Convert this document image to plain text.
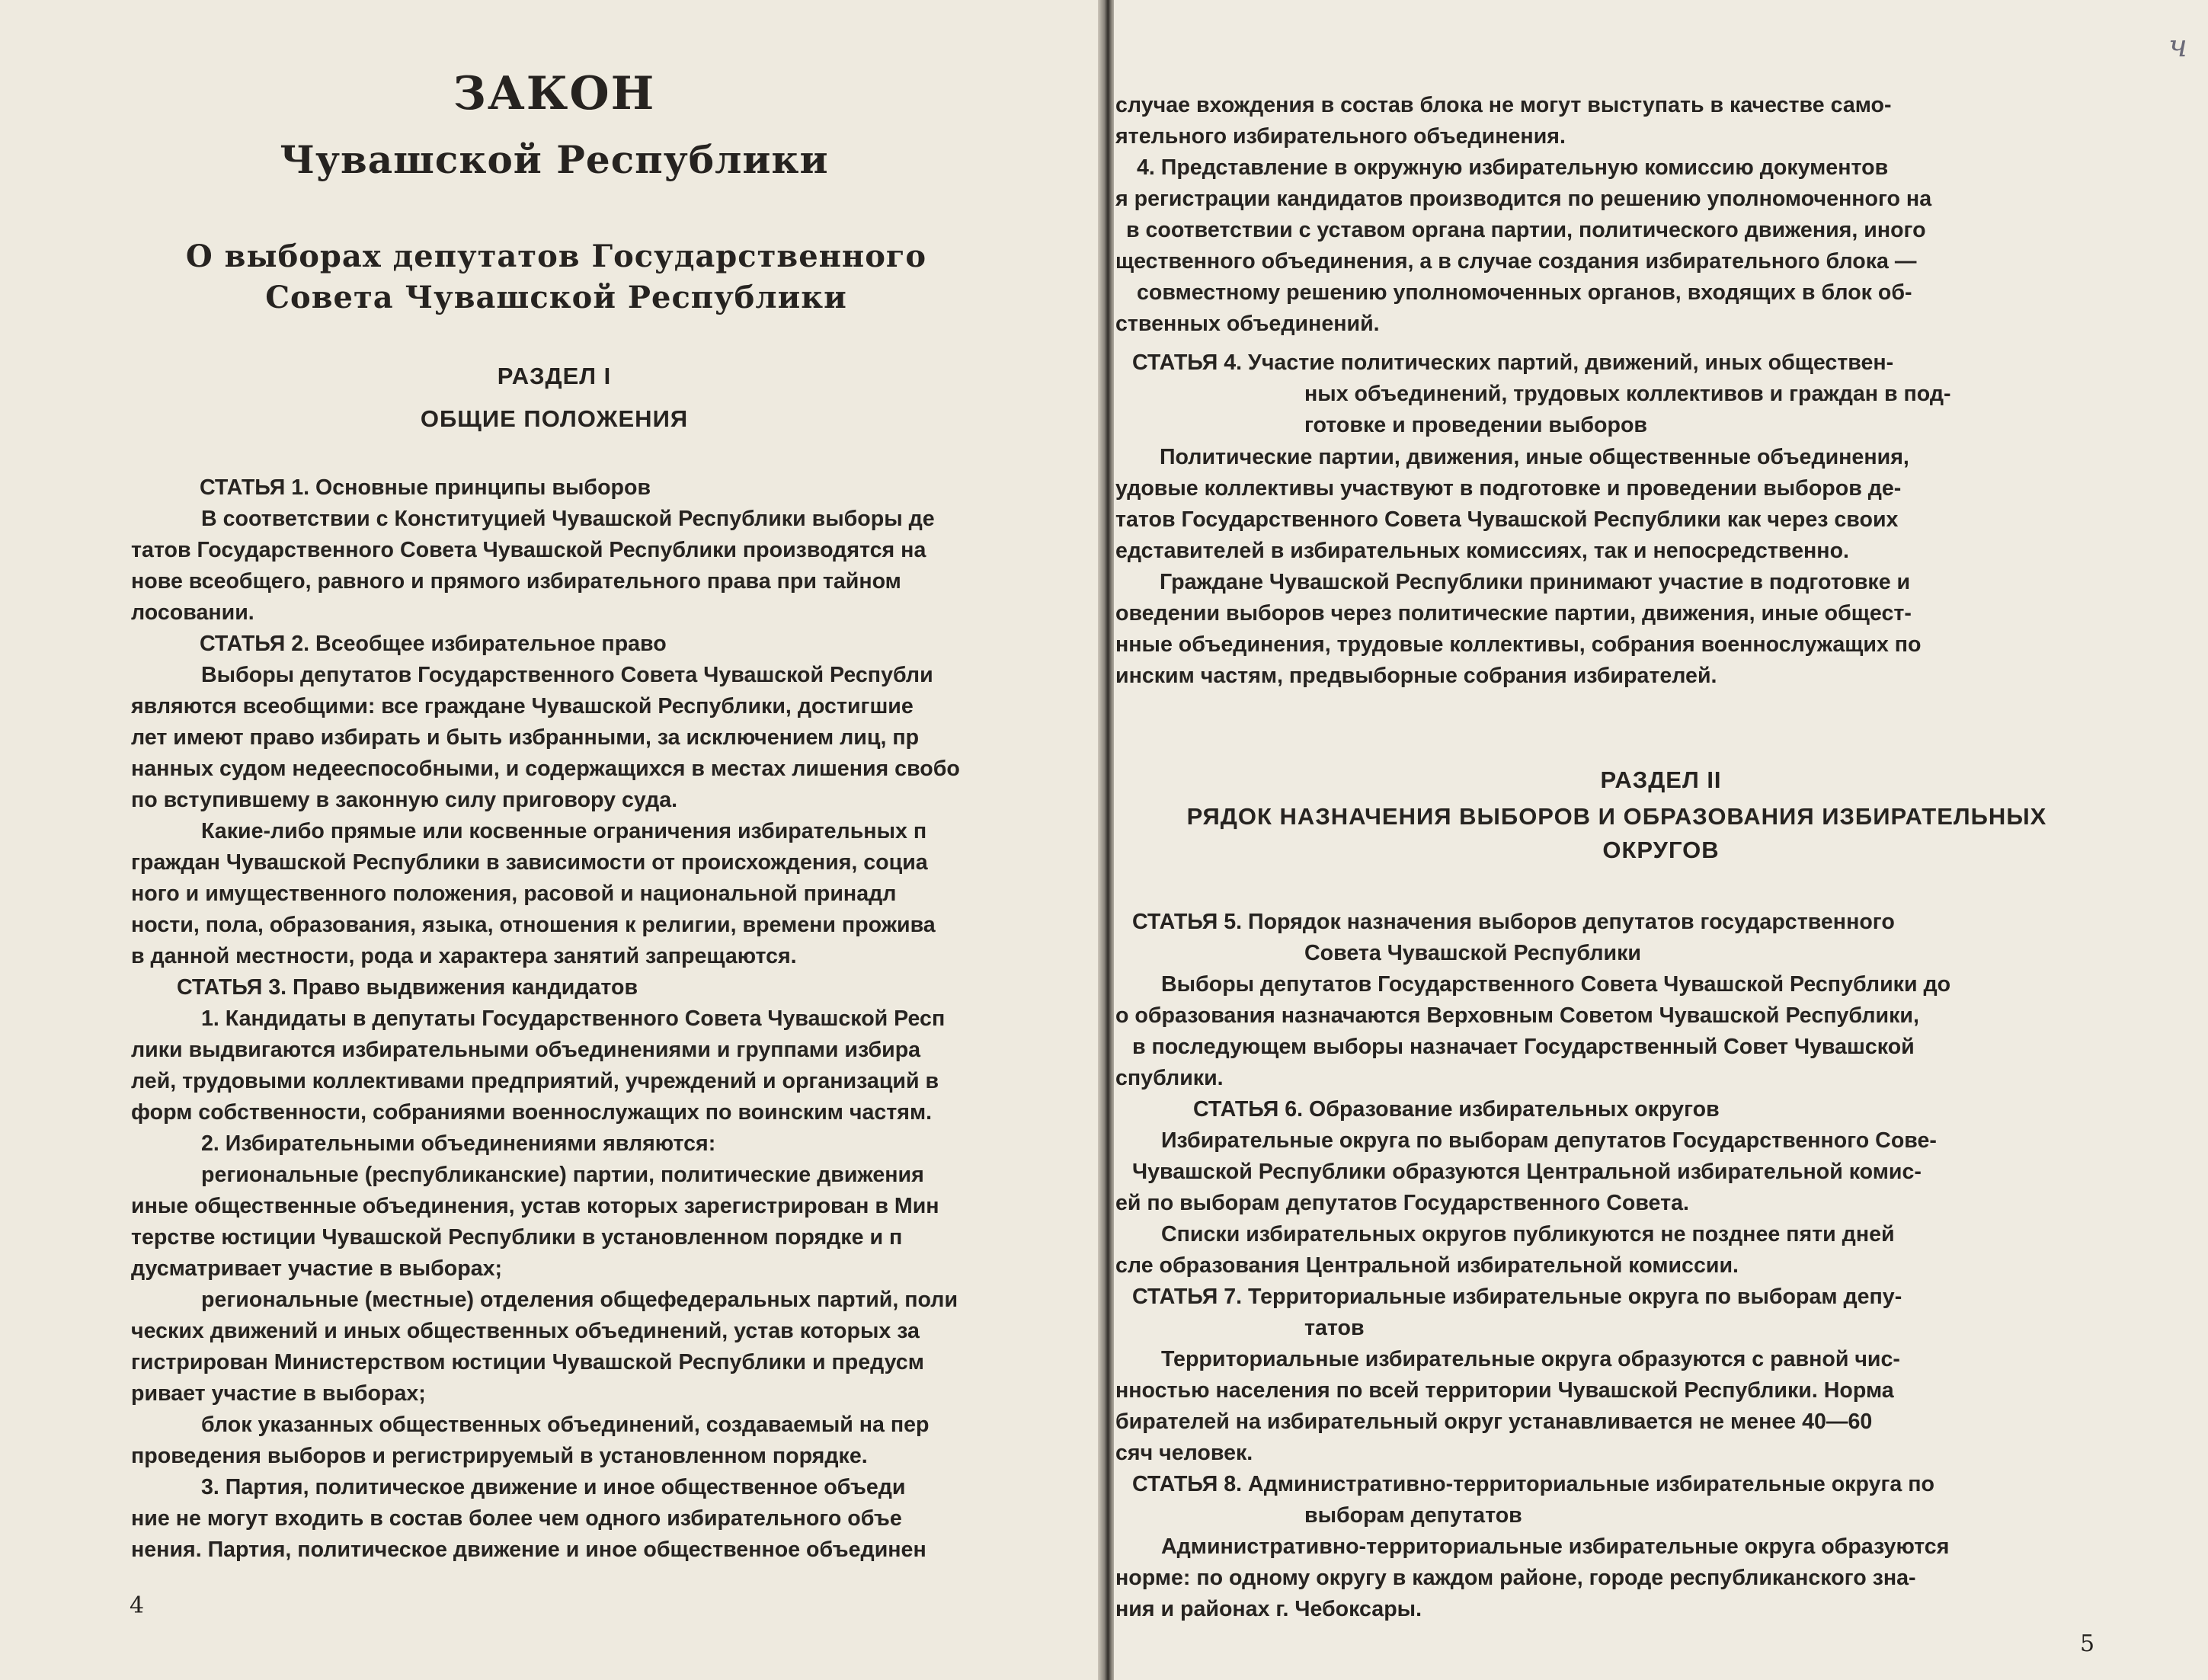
ЗАКОН
Чувашской Республики
О выборах депутатов Государственного
Совета Чувашской Республики
РАЗДЕЛ I
ОБЩИЕ ПОЛОЖЕНИЯ
СТАТЬЯ 1. Основные принципы выборов
В соответствии с Конституцией Чувашской Республики выборы де
татов Государственного Совета Чувашской Республики производятся на
нове всеобщего, равного и прямого избирательного права при тайном
лосовании.
СТАТЬЯ 2. Всеобщее избирательное право
Выборы депутатов Государственного Совета Чувашской Республи
являются всеобщими: все граждане Чувашской Республики, достигшие
лет имеют право избирать и быть избранными, за исключением лиц, пр
нанных судом недееспособными, и содержащихся в местах лишения свобо
по вступившему в законную силу приговору суда.
Какие-либо прямые или косвенные ограничения избирательных п
граждан Чувашской Республики в зависимости от происхождения, социа
ного и имущественного положения, расовой и национальной принадл
ности, пола, образования, языка, отношения к религии, времени прожива
в данной местности, рода и характера занятий запрещаются.
СТАТЬЯ 3. Право выдвижения кандидатов
1. Кандидаты в депутаты Государственного Совета Чувашской Респ
лики выдвигаются избирательными объединениями и группами избира
лей, трудовыми коллективами предприятий, учреждений и организаций в
форм собственности, собраниями военнослужащих по воинским частям.
2. Избирательными объединениями являются:
региональные (республиканские) партии, политические движения
иные общественные объединения, устав которых зарегистрирован в Мин
терстве юстиции Чувашской Республики в установленном порядке и п
дусматривает участие в выборах;
региональные (местные) отделения общефедеральных партий, поли
ческих движений и иных общественных объединений, устав которых за
гистрирован Министерством юстиции Чувашской Республики и предусм
ривает участие в выборах;
блок указанных общественных объединений, создаваемый на пер
проведения выборов и регистрируемый в установленном порядке.
3. Партия, политическое движение и иное общественное объеди
ние не могут входить в состав более чем одного избирательного объе
нения. Партия, политическое движение и иное общественное объединен
4
случае вхождения в состав блока не могут выступать в качестве само-
ятельного избирательного объединения.
4. Представление в окружную избирательную комиссию документов
я регистрации кандидатов производится по решению уполномоченного на
в соответствии с уставом органа партии, политического движения, иного
щественного объединения, а в случае создания избирательного блока —
совместному решению уполномоченных органов, входящих в блок об-
ственных объединений.
СТАТЬЯ 4. Участие политических партий, движений, иных обществен-
ных объединений, трудовых коллективов и граждан в под-
готовке и проведении выборов
Политические партии, движения, иные общественные объединения,
удовые коллективы участвуют в подготовке и проведении выборов де-
татов Государственного Совета Чувашской Республики как через своих
едставителей в избирательных комиссиях, так и непосредственно.
Граждане Чувашской Республики принимают участие в подготовке и
оведении выборов через политические партии, движения, иные общест-
нные объединения, трудовые коллективы, собрания военнослужащих по
инским частям, предвыборные собрания избирателей.
РАЗДЕЛ II
РЯДОК НАЗНАЧЕНИЯ ВЫБОРОВ И ОБРАЗОВАНИЯ ИЗБИРАТЕЛЬНЫХ
ОКРУГОВ
СТАТЬЯ 5. Порядок назначения выборов депутатов государственного
Совета Чувашской Республики
Выборы депутатов Государственного Совета Чувашской Республики до
о образования назначаются Верховным Советом Чувашской Республики,
в последующем выборы назначает Государственный Совет Чувашской
спублики.
СТАТЬЯ 6. Образование избирательных округов
Избирательные округа по выборам депутатов Государственного Сове-
Чувашской Республики образуются Центральной избирательной комис-
ей по выборам депутатов Государственного Совета.
Списки избирательных округов публикуются не позднее пяти дней
сле образования Центральной избирательной комиссии.
СТАТЬЯ 7. Территориальные избирательные округа по выборам депу-
татов
Территориальные избирательные округа образуются с равной чис-
нностью населения по всей территории Чувашской Республики. Норма
бирателей на избирательный округ устанавливается не менее 40—60
сяч человек.
СТАТЬЯ 8. Административно-территориальные избирательные округа по
выборам депутатов
Административно-территориальные избирательные округа образуются
норме: по одному округу в каждом районе, городе республиканского зна-
ния и районах г. Чебоксары.
5
ч
